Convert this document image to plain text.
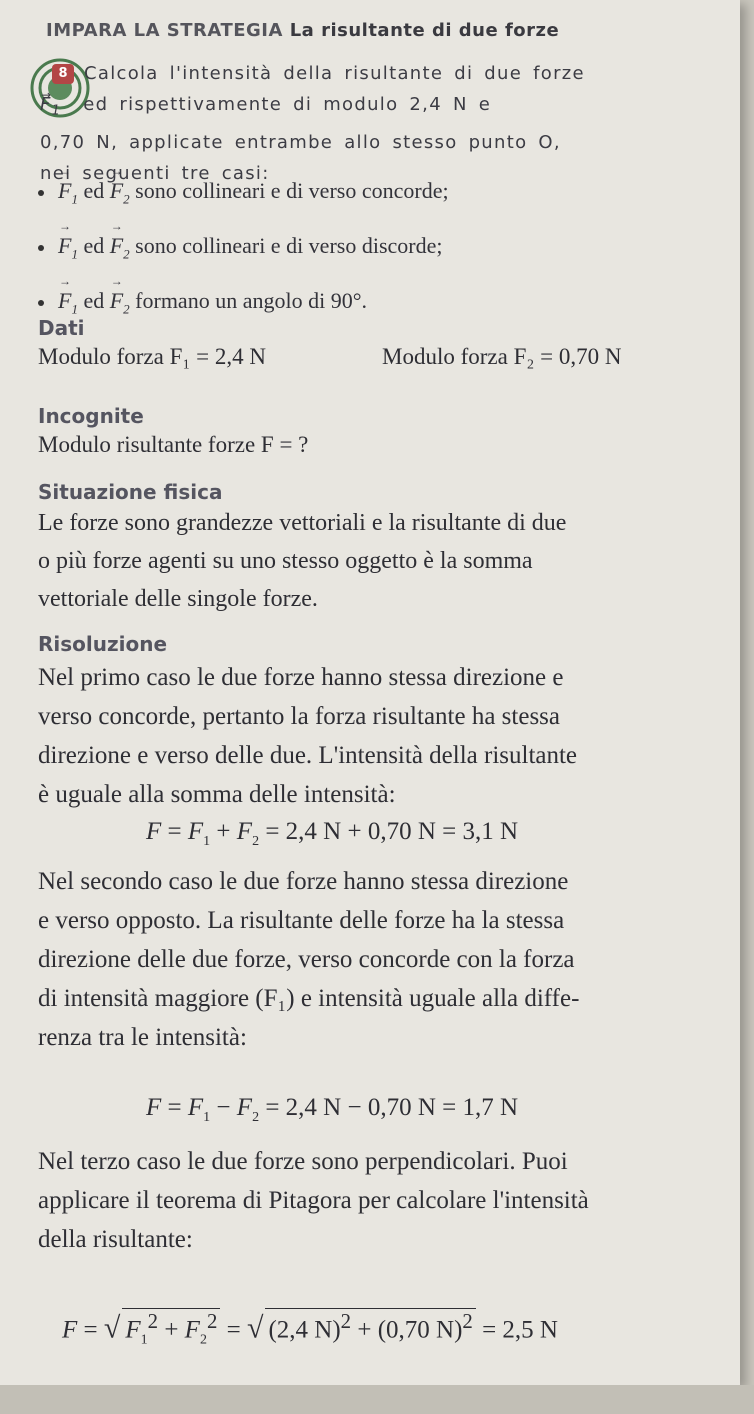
IMPARA LA STRATEGIA La risultante di due forze
8 Calcola l'intensità della risultante di due forze
→ $F_1$ ed rispettivamente di modulo 2,4 N e
0,70 N, applicate entrambe allo stesso punto O,
nei seguenti tre casi:
→ $F_1$ ed → $F_2$ sono collineari e di verso concorde;
→ $F_1$ ed → $F_2$ sono collineari e di verso discorde;
→ $F_1$ ed → $F_2$ formano un angolo di 90°.
Dati
Modulo forza F₁ = 2,4 N	Modulo forza F₂ = 0,70 N
Incognite
Modulo risultante forze F = ?
Situazione fisica
Le forze sono grandezze vettoriali e la risultante di due
o più forze agenti su uno stesso oggetto è la somma
vettoriale delle singole forze.
Risoluzione
Nel primo caso le due forze hanno stessa direzione e
verso concorde, pertanto la forza risultante ha stessa
direzione e verso delle due. L'intensità della risultante
è uguale alla somma delle intensità:
$F = F_1 + F_2 = 2,4$ N + 0,70 N = 3,1 N
Nel secondo caso le due forze hanno stessa direzione
e verso opposto. La risultante delle forze ha la stessa
direzione delle due forze, verso concorde con la forza
di intensità maggiore (F₁) e intensità uguale alla diffe-
renza tra le intensità:
$F = F_1 - F_2 = 2,4$ N − 0,70 N = 1,7 N
Nel terzo caso le due forze sono perpendicolari. Puoi
applicare il teorema di Pitagora per calcolare l'intensità
della risultante:
F = √ $F_1^2 + F_2^2$ = √ (2,4 N)$^2$ + (0,70 N)$^2$ = 2,5 N
